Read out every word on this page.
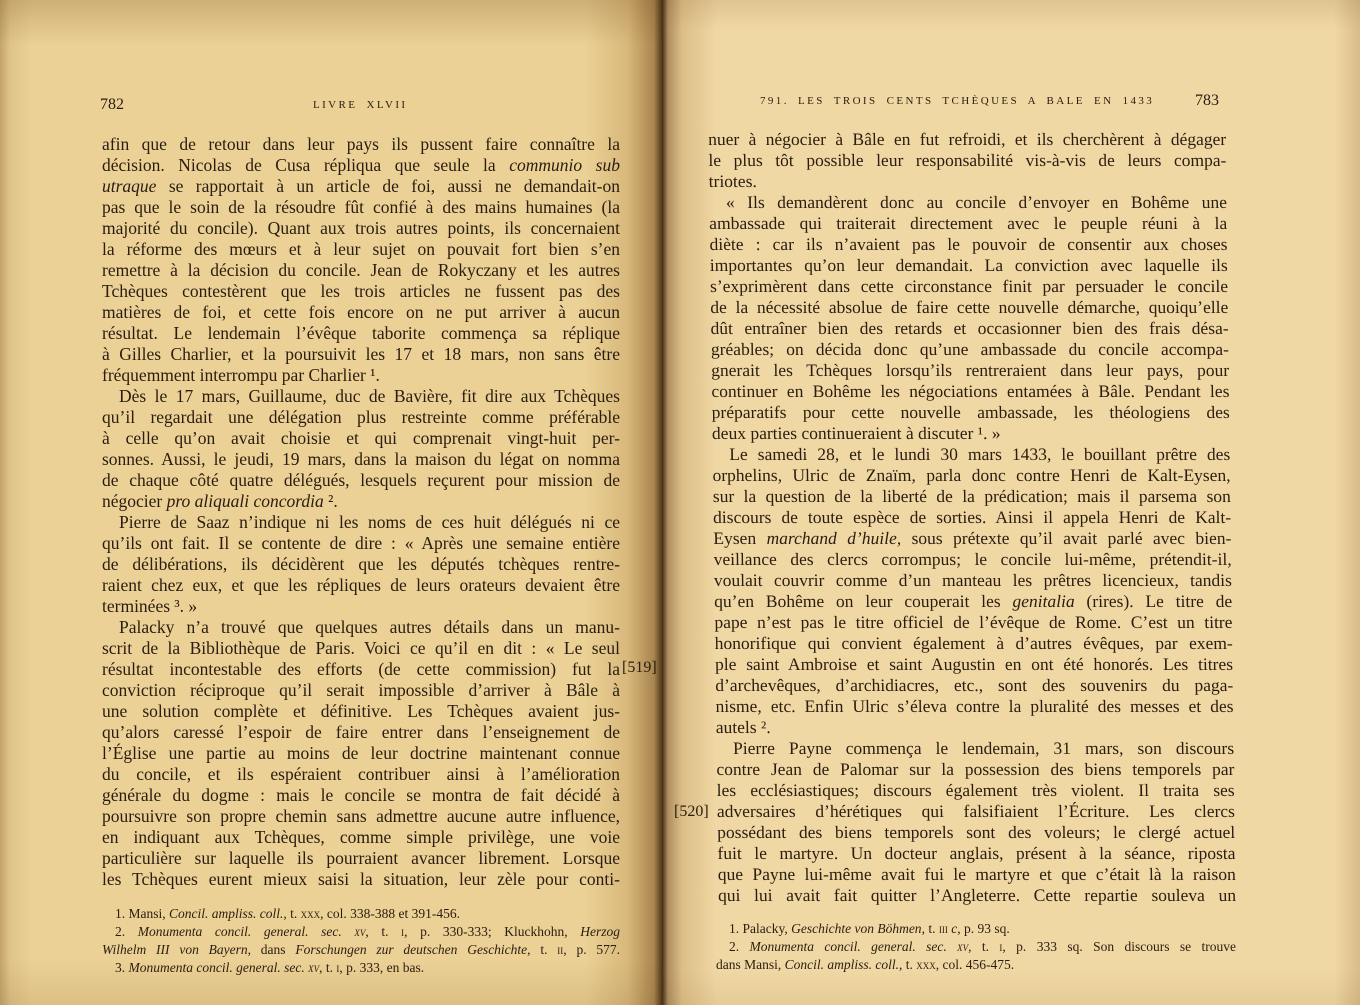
782	LIVRE XLVII
afin que de retour dans leur pays ils pussent faire connaître la
décision. Nicolas de Cusa répliqua que seule la communio sub
utraque se rapportait à un article de foi, aussi ne demandait-on
pas que le soin de la résoudre fût confié à des mains humaines (la
majorité du concile). Quant aux trois autres points, ils concernaient
la réforme des mœurs et à leur sujet on pouvait fort bien s’en
remettre à la décision du concile. Jean de Rokyczany et les autres
Tchèques contestèrent que les trois articles ne fussent pas des
matières de foi, et cette fois encore on ne put arriver à aucun
résultat. Le lendemain l’évêque taborite commença sa réplique
à Gilles Charlier, et la poursuivit les 17 et 18 mars, non sans être
fréquemment interrompu par Charlier ¹.
Dès le 17 mars, Guillaume, duc de Bavière, fit dire aux Tchèques
qu’il regardait une délégation plus restreinte comme préférable
à celle qu’on avait choisie et qui comprenait vingt-huit per-
sonnes. Aussi, le jeudi, 19 mars, dans la maison du légat on nomma
de chaque côté quatre délégués, lesquels reçurent pour mission de
négocier pro aliquali concordia ².
Pierre de Saaz n’indique ni les noms de ces huit délégués ni ce
qu’ils ont fait. Il se contente de dire : « Après une semaine entière
de délibérations, ils décidèrent que les députés tchèques rentre-
raient chez eux, et que les répliques de leurs orateurs devaient être
terminées ³. »
Palacky n’a trouvé que quelques autres détails dans un manu-
scrit de la Bibliothèque de Paris. Voici ce qu’il en dit : « Le seul
résultat incontestable des efforts (de cette commission) fut la
conviction réciproque qu’il serait impossible d’arriver à Bâle à
une solution complète et définitive. Les Tchèques avaient jus-
qu’alors caressé l’espoir de faire entrer dans l’enseignement de
l’Église une partie au moins de leur doctrine maintenant connue
du concile, et ils espéraient contribuer ainsi à l’amélioration
générale du dogme : mais le concile se montra de fait décidé à
poursuivre son propre chemin sans admettre aucune autre influence,
en indiquant aux Tchèques, comme simple privilège, une voie
particulière sur laquelle ils pourraient avancer librement. Lorsque
les Tchèques eurent mieux saisi la situation, leur zèle pour conti-
[519]
1. Mansi, Concil. ampliss. coll., t. xxx, col. 338-388 et 391-456.
2. Monumenta concil. general. sec. xv, t. i, p. 330-333; Kluckhohn, Herzog
Wilhelm III von Bayern, dans Forschungen zur deutschen Geschichte, t. ii, p. 577.
3. Monumenta concil. general. sec. xv, t. i, p. 333, en bas.
791. LES TROIS CENTS TCHÈQUES A BALE EN 1433	783
nuer à négocier à Bâle en fut refroidi, et ils cherchèrent à dégager
le plus tôt possible leur responsabilité vis-à-vis de leurs compa-
triotes.
« Ils demandèrent donc au concile d’envoyer en Bohême une
ambassade qui traiterait directement avec le peuple réuni à la
diète : car ils n’avaient pas le pouvoir de consentir aux choses
importantes qu’on leur demandait. La conviction avec laquelle ils
s’exprimèrent dans cette circonstance finit par persuader le concile
de la nécessité absolue de faire cette nouvelle démarche, quoiqu’elle
dût entraîner bien des retards et occasionner bien des frais désa-
gréables; on décida donc qu’une ambassade du concile accompa-
gnerait les Tchèques lorsqu’ils rentreraient dans leur pays, pour
continuer en Bohême les négociations entamées à Bâle. Pendant les
préparatifs pour cette nouvelle ambassade, les théologiens des
deux parties continueraient à discuter ¹. »
Le samedi 28, et le lundi 30 mars 1433, le bouillant prêtre des
orphelins, Ulric de Znaïm, parla donc contre Henri de Kalt-Eysen,
sur la question de la liberté de la prédication; mais il parsema son
discours de toute espèce de sorties. Ainsi il appela Henri de Kalt-
Eysen marchand d’huile, sous prétexte qu’il avait parlé avec bien-
veillance des clercs corrompus; le concile lui-même, prétendit-il,
voulait couvrir comme d’un manteau les prêtres licencieux, tandis
qu’en Bohême on leur couperait les genitalia (rires). Le titre de
pape n’est pas le titre officiel de l’évêque de Rome. C’est un titre
honorifique qui convient également à d’autres évêques, par exem-
ple saint Ambroise et saint Augustin en ont été honorés. Les titres
d’archevêques, d’archidiacres, etc., sont des souvenirs du paga-
nisme, etc. Enfin Ulric s’éleva contre la pluralité des messes et des
autels ².
Pierre Payne commença le lendemain, 31 mars, son discours
contre Jean de Palomar sur la possession des biens temporels par
les ecclésiastiques; discours également très violent. Il traita ses
adversaires d’hérétiques qui falsifiaient l’Écriture. Les clercs
possédant des biens temporels sont des voleurs; le clergé actuel
fuit le martyre. Un docteur anglais, présent à la séance, riposta
que Payne lui-même avait fui le martyre et que c’était là la raison
qui lui avait fait quitter l’Angleterre. Cette repartie souleva un
[520]
1. Palacky, Geschichte von Böhmen, t. iii c, p. 93 sq.
2. Monumenta concil. general. sec. xv, t. i, p. 333 sq. Son discours se trouve
dans Mansi, Concil. ampliss. coll., t. xxx, col. 456-475.
